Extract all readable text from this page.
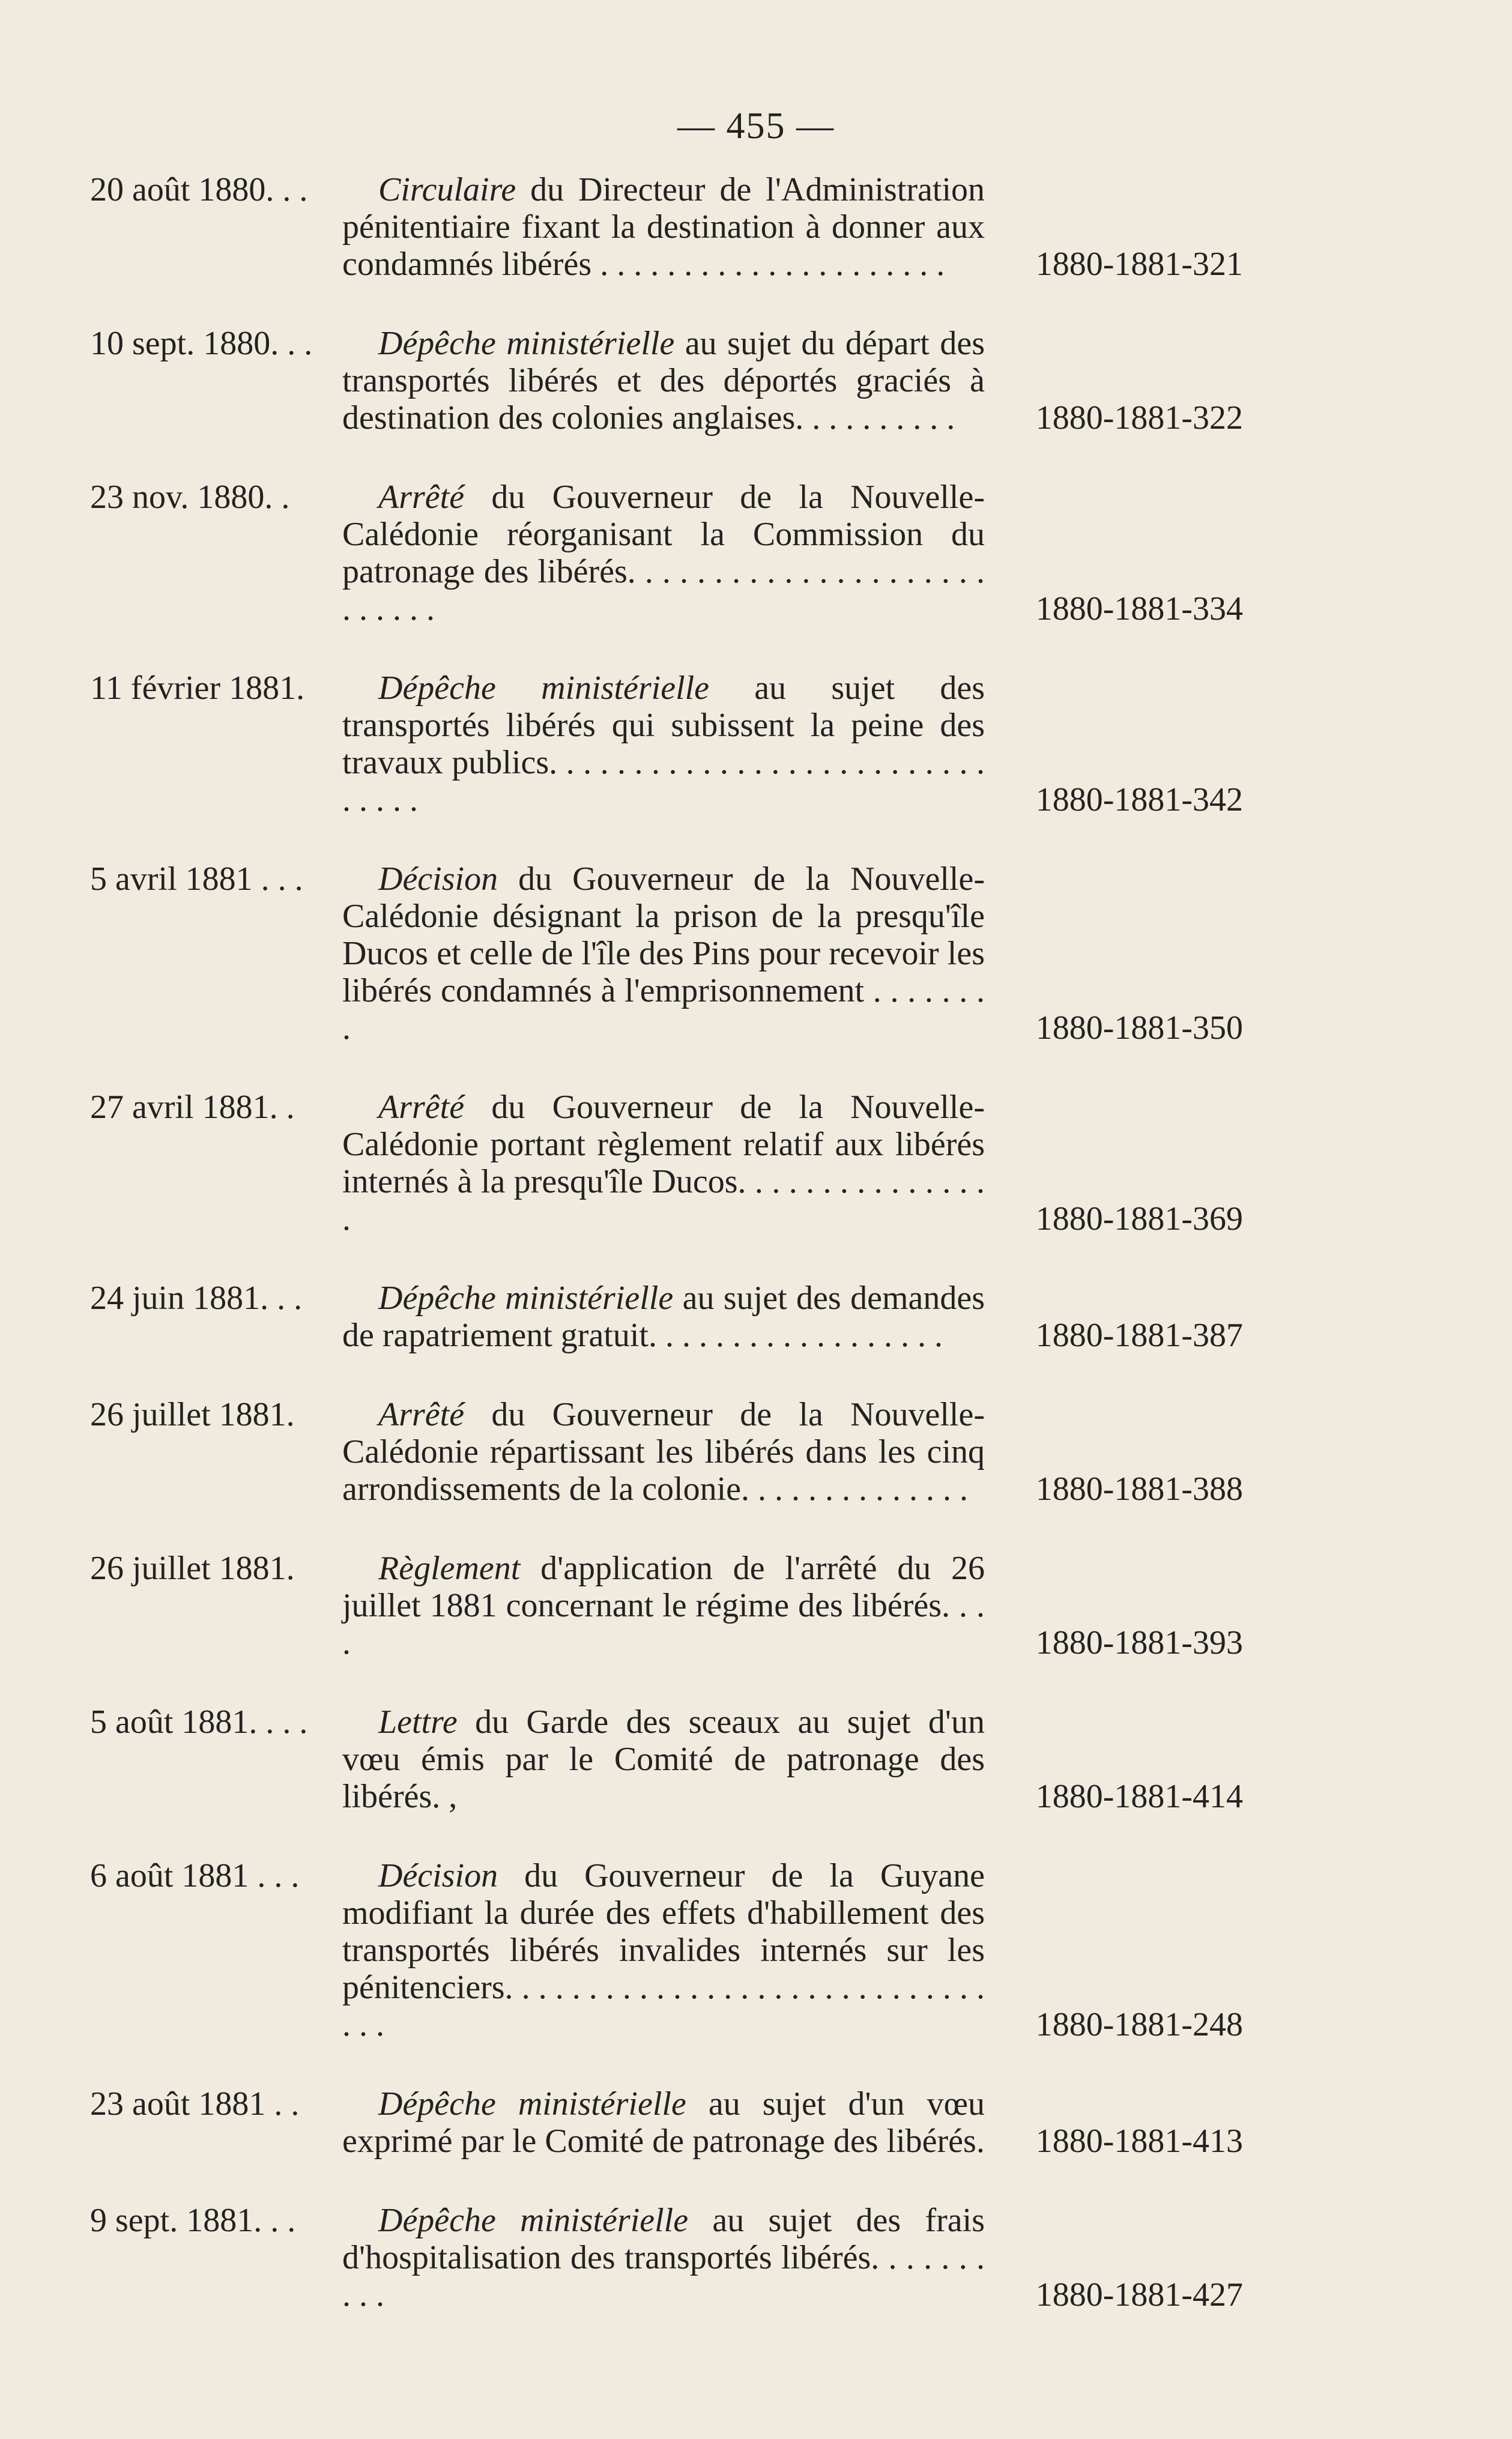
— 455 —
20 août 1880. . .	Circulaire du Directeur de l'Administration pénitentiaire fixant la destination à donner aux condamnés libérés . . . . . . . . . . . . . . . . . . . . .	1880-1881-321
10 sept. 1880. . .	Dépêche ministérielle au sujet du départ des transportés libérés et des déportés graciés à destination des colonies anglaises. . . . . . . . . .	1880-1881-322
23 nov. 1880. .	Arrêté du Gouverneur de la Nouvelle-Calédonie réorganisant la Commission du patronage des libérés. . . . . . . . . . . . . . . . . . . . . . . . . . .	1880-1881-334
11 février 1881.	Dépêche ministérielle au sujet des transportés libérés qui subissent la peine des travaux publics. . . . . . . . . . . . . . . . . . . . . . . . . . . . . . .	1880-1881-342
5 avril 1881 . . .	Décision du Gouverneur de la Nouvelle-Calédonie désignant la prison de la presqu'île Ducos et celle de l'île des Pins pour recevoir les libérés condamnés à l'emprisonnement . . . . . . . .	1880-1881-350
27 avril 1881. .	Arrêté du Gouverneur de la Nouvelle-Calédonie portant règlement relatif aux libérés internés à la presqu'île Ducos. . . . . . . . . . . . . . . .	1880-1881-369
24 juin 1881. . .	Dépêche ministérielle au sujet des demandes de rapatriement gratuit. . . . . . . . . . . . . . . . . .	1880-1881-387
26 juillet 1881.	Arrêté du Gouverneur de la Nouvelle-Calédonie répartissant les libérés dans les cinq arrondissements de la colonie. . . . . . . . . . . . . .	1880-1881-388
26 juillet 1881.	Règlement d'application de l'arrêté du 26 juillet 1881 concernant le régime des libérés. . . .	1880-1881-393
5 août 1881. . . .	Lettre du Garde des sceaux au sujet d'un vœu émis par le Comité de patronage des libérés. ,	1880-1881-414
6 août 1881 . . .	Décision du Gouverneur de la Guyane modifiant la durée des effets d'habillement des transportés libérés invalides internés sur les pénitenciers. . . . . . . . . . . . . . . . . . . . . . . . . . . . . . . .	1880-1881-248
23 août 1881 . .	Dépêche ministérielle au sujet d'un vœu exprimé par le Comité de patronage des libérés.	1880-1881-413
9 sept. 1881. . .	Dépêche ministérielle au sujet des frais d'hospitalisation des transportés libérés. . . . . . . . . .	1880-1881-427
